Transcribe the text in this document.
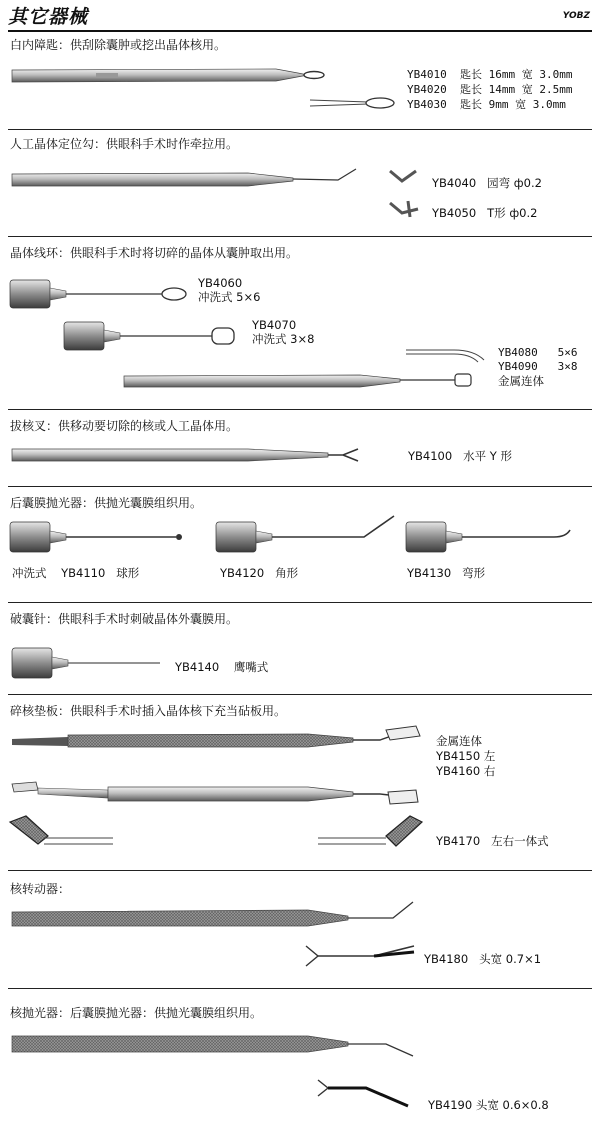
其它器械	YOBZ
白内障匙：供刮除囊肿或挖出晶体核用。
YB4010 匙长 16mm 宽 3.0mm
YB4020 匙长 14mm 宽 2.5mm
YB4030 匙长 9mm 宽 3.0mm
人工晶体定位勾：供眼科手术时作牵拉用。
YB4040 园弯 ф0.2
YB4050 T形 ф0.2
晶体线环：供眼科手术时将切碎的晶体从囊肿取出用。
YB4060
冲洗式 5×6
YB4070
冲洗式 3×8
YB4080 5×6
YB4090 3×8
金属连体
拔核叉：供移动要切除的核或人工晶体用。
YB4100 水平 Y 形
后囊膜抛光器：供抛光囊膜组织用。
冲洗式 YB4110 球形	YB4120 角形	YB4130 弯形
破囊针：供眼科手术时刺破晶体外囊膜用。
YB4140 鹰嘴式
碎核垫板：供眼科手术时插入晶体核下充当砧板用。
金属连体
YB4150 左
YB4160 右
YB4170 左右一体式
核转动器：
YB4180 头宽 0.7×1
核抛光器：后囊膜抛光器：供抛光囊膜组织用。
YB4190 头宽 0.6×0.8
